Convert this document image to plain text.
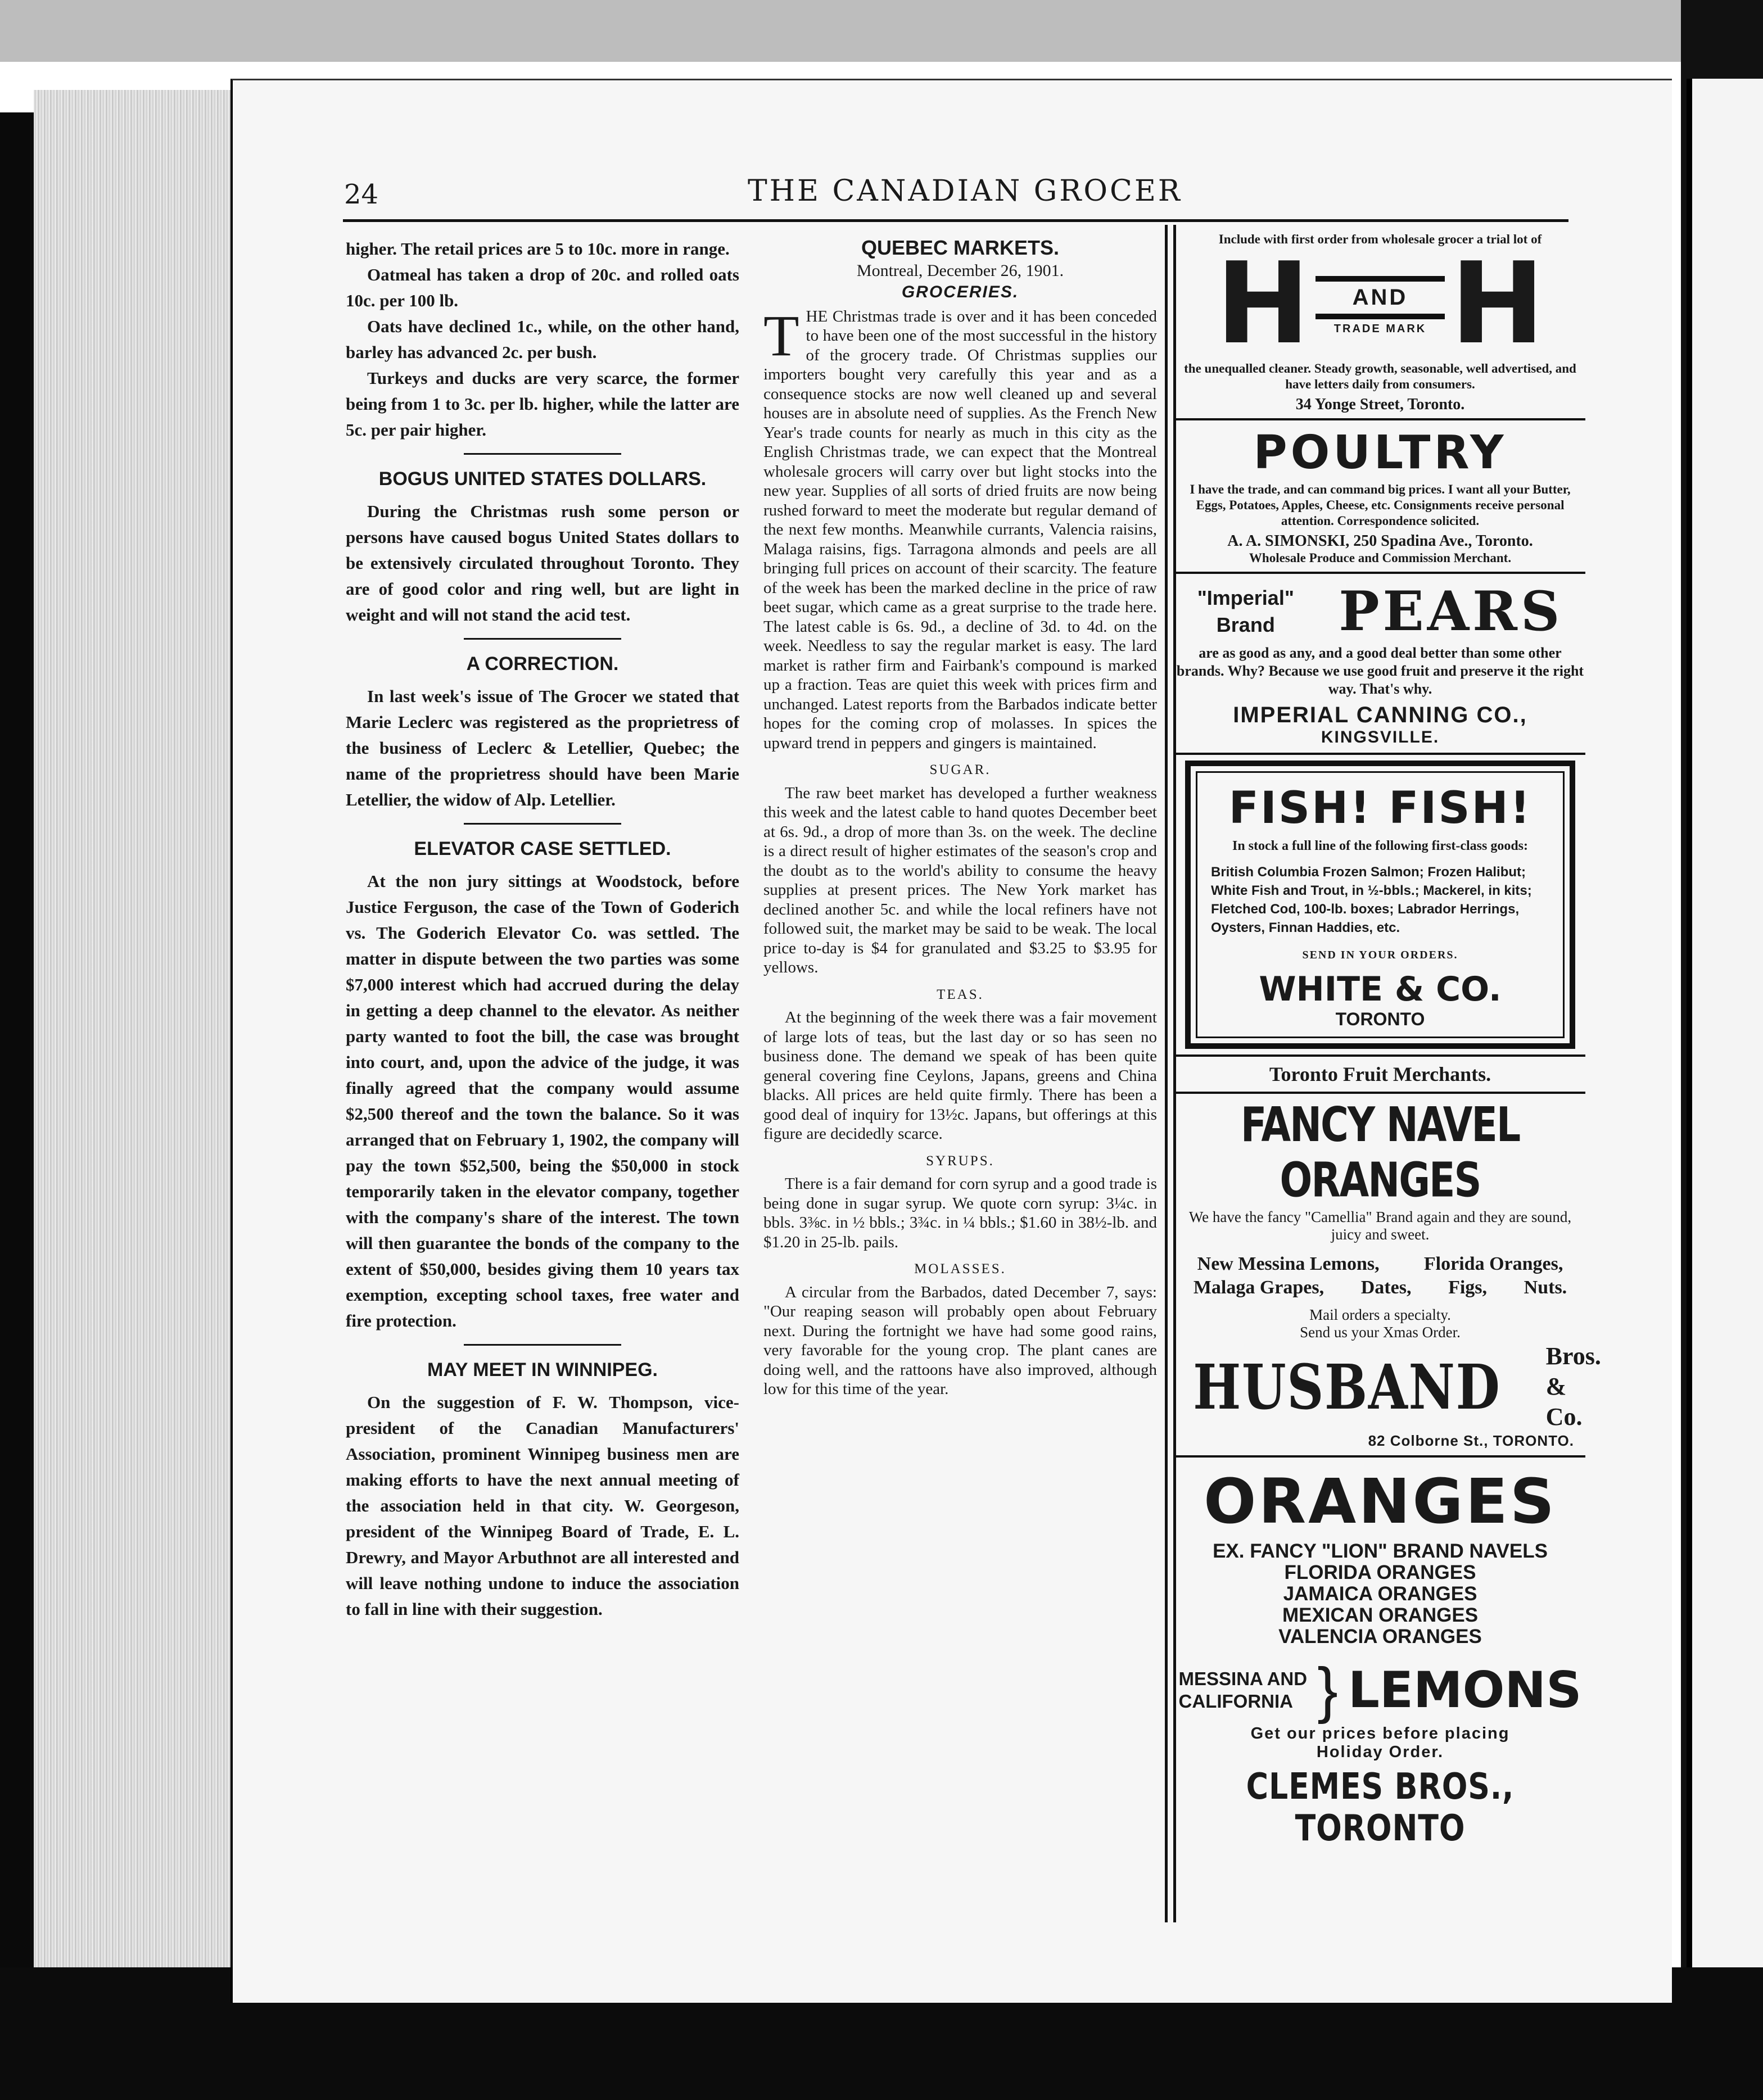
24	THE CANADIAN GROCER

higher. The retail prices are 5 to 10c. more in range.

Oatmeal has taken a drop of 20c. and rolled oats 10c. per 100 lb.

Oats have declined 1c., while, on the other hand, barley has advanced 2c. per bush.

Turkeys and ducks are very scarce, the former being from 1 to 3c. per lb. higher, while the latter are 5c. per pair higher.

BOGUS UNITED STATES DOLLARS.

During the Christmas rush some person or persons have caused bogus United States dollars to be extensively circulated throughout Toronto. They are of good color and ring well, but are light in weight and will not stand the acid test.

A CORRECTION.

In last week's issue of The Grocer we stated that Marie Leclerc was registered as the proprietress of the business of Leclerc & Letellier, Quebec; the name of the proprietress should have been Marie Letellier, the widow of Alp. Letellier.

ELEVATOR CASE SETTLED.

At the non jury sittings at Woodstock, before Justice Ferguson, the case of the Town of Goderich vs. The Goderich Elevator Co. was settled. The matter in dispute between the two parties was some $7,000 interest which had accrued during the delay in getting a deep channel to the elevator. As neither party wanted to foot the bill, the case was brought into court, and, upon the advice of the judge, it was finally agreed that the company would assume $2,500 thereof and the town the balance. So it was arranged that on February 1, 1902, the company will pay the town $52,500, being the $50,000 in stock temporarily taken in the elevator company, together with the company's share of the interest. The town will then guarantee the bonds of the company to the extent of $50,000, besides giving them 10 years tax exemption, excepting school taxes, free water and fire protection.

MAY MEET IN WINNIPEG.

On the suggestion of F. W. Thompson, vice-president of the Canadian Manufacturers' Association, prominent Winnipeg business men are making efforts to have the next annual meeting of the association held in that city. W. Georgeson, president of the Winnipeg Board of Trade, E. L. Drewry, and Mayor Arbuthnot are all interested and will leave nothing undone to induce the association to fall in line with their suggestion.

QUEBEC MARKETS.
Montreal, December 26, 1901.
GROCERIES.

THE Christmas trade is over and it has been conceded to have been one of the most successful in the history of the grocery trade. Of Christmas supplies our importers bought very carefully this year and as a consequence stocks are now well cleaned up and several houses are in absolute need of supplies. As the French New Year's trade counts for nearly as much in this city as the English Christmas trade, we can expect that the Montreal wholesale grocers will carry over but light stocks into the new year. Supplies of all sorts of dried fruits are now being rushed forward to meet the moderate but regular demand of the next few months. Meanwhile currants, Valencia raisins, Malaga raisins, figs. Tarragona almonds and peels are all bringing full prices on account of their scarcity. The feature of the week has been the marked decline in the price of raw beet sugar, which came as a great surprise to the trade here. The latest cable is 6s. 9d., a decline of 3d. to 4d. on the week. Needless to say the regular market is easy. The lard market is rather firm and Fairbank's compound is marked up a fraction. Teas are quiet this week with prices firm and unchanged. Latest reports from the Barbados indicate better hopes for the coming crop of molasses. In spices the upward trend in peppers and gingers is maintained.

SUGAR.

The raw beet market has developed a further weakness this week and the latest cable to hand quotes December beet at 6s. 9d., a drop of more than 3s. on the week. The decline is a direct result of higher estimates of the season's crop and the doubt as to the world's ability to consume the heavy supplies at present prices. The New York market has declined another 5c. and while the local refiners have not followed suit, the market may be said to be weak. The local price to-day is $4 for granulated and $3.25 to $3.95 for yellows.

TEAS.

At the beginning of the week there was a fair movement of large lots of teas, but the last day or so has seen no business done. The demand we speak of has been quite general covering fine Ceylons, Japans, greens and China blacks. All prices are held quite firmly. There has been a good deal of inquiry for 13½c. Japans, but offerings at this figure are decidedly scarce.

SYRUPS.

There is a fair demand for corn syrup and a good trade is being done in sugar syrup. We quote corn syrup: 3¼c. in bbls. 3⅜c. in ½ bbls.; 3¾c. in ¼ bbls.; $1.60 in 38½-lb. and $1.20 in 25-lb. pails.

MOLASSES.

A circular from the Barbados, dated December 7, says: "Our reaping season will probably open about February next. During the fortnight we have had some good rains, very favorable for the young crop. The plant canes are doing well, and the rattoons have also improved, although low for this time of the year.

Include with first order from wholesale grocer a trial lot of
H	AND
TRADE MARK H
the unequalled cleaner. Steady growth, seasonable, well advertised, and have letters daily from consumers.
34 Yonge Street, Toronto.
POULTRY
I have the trade, and can command big prices. I want all your Butter, Eggs, Potatoes, Apples, Cheese, etc. Consignments receive personal attention. Correspondence solicited.
A. A. SIMONSKI, 250 Spadina Ave., Toronto.
Wholesale Produce and Commission Merchant.
"Imperial"
Brand	PEARS
are as good as any, and a good deal better than some other brands. Why? Because we use good fruit and preserve it the right way. That's why.
IMPERIAL CANNING CO.,
KINGSVILLE.
FISH! FISH!
In stock a full line of the following first-class goods:
British Columbia Frozen Salmon; Frozen Halibut; White Fish and Trout, in ½-bbls.; Mackerel, in kits; Fletched Cod, 100-lb. boxes; Labrador Herrings, Oysters, Finnan Haddies, etc.
SEND IN YOUR ORDERS.
WHITE & CO.
TORONTO
Toronto Fruit Merchants.
FANCY NAVEL ORANGES
We have the fancy "Camellia" Brand again and they are sound, juicy and sweet.
New Messina Lemons, Florida Oranges,
Malaga Grapes, Dates, Figs, Nuts.
Mail orders a specialty.
Send us your Xmas Order.
HUSBAND Bros. &
Co.
82 Colborne St., TORONTO.
ORANGES
EX. FANCY "LION" BRAND NAVELS
FLORIDA ORANGES
JAMAICA ORANGES
MEXICAN ORANGES
VALENCIA ORANGES
MESSINA AND
CALIFORNIA } LEMONS
Get our prices before placing
Holiday Order.
CLEMES BROS., TORONTO
